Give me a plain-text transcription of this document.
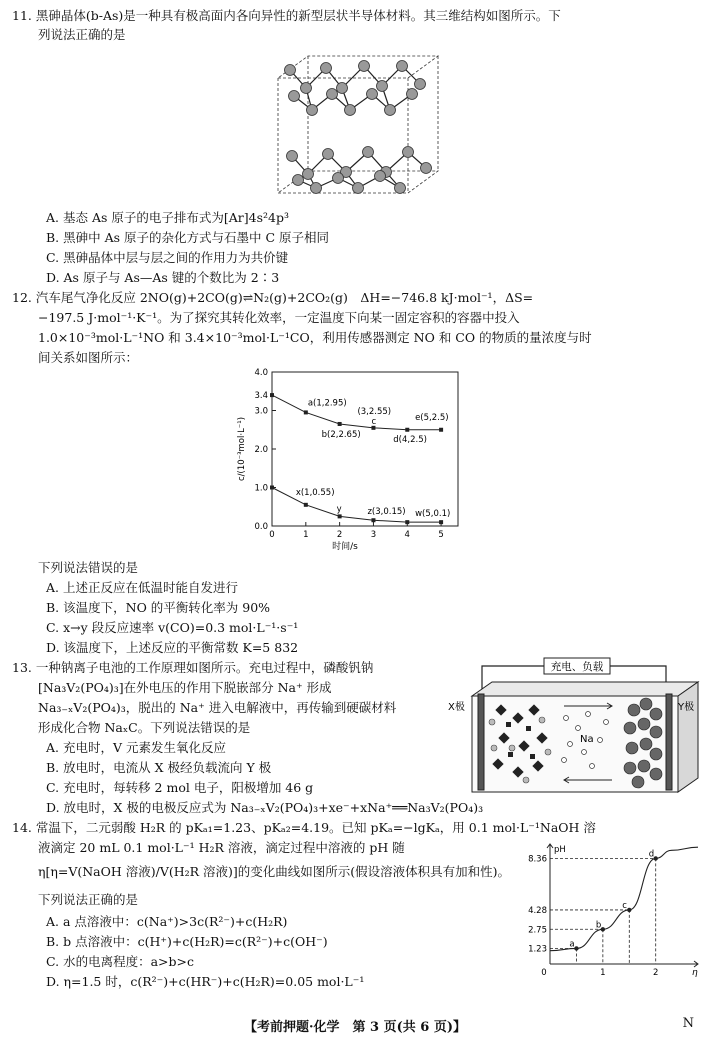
11. 黑砷晶体(b-As)是一种具有极高面内各向异性的新型层状半导体材料。其三维结构如图所示。下
列说法正确的是
A. 基态 As 原子的电子排布式为[Ar]4s²4p³
B. 黑砷中 As 原子的杂化方式与石墨中 C 原子相同
C. 黑砷晶体中层与层之间的作用力为共价键
D. As 原子与 As—As 键的个数比为 2∶3
12. 汽车尾气净化反应 2NO(g)+2CO(g)⇌N₂(g)+2CO₂(g)　ΔH=−746.8 kJ·mol⁻¹，ΔS=
−197.5 J·mol⁻¹·K⁻¹。为了探究其转化效率，一定温度下向某一固定容积的容器中投入
1.0×10⁻³mol·L⁻¹NO 和 3.4×10⁻³mol·L⁻¹CO，利用传感器测定 NO 和 CO 的物质的量浓度与时
间关系如图所示：
0.0
1.0
2.0
3.0
4.0
3.4
0	1	2	3	4	5
时间/s
c/(10⁻³mol·L⁻¹)
a(1,2.95)
b(2,2.65)
(3,2.55)
c
d(4,2.5)
e(5,2.5)
x(1,0.55)
y	z(3,0.15) w(5,0.1)
下列说法错误的是
A. 上述正反应在低温时能自发进行
B. 该温度下，NO 的平衡转化率为 90%
C. x→y 段反应速率 v(CO)=0.3 mol·L⁻¹·s⁻¹
D. 该温度下，上述反应的平衡常数 K=5 832
13. 一种钠离子电池的工作原理如图所示。充电过程中，磷酸钒钠
[Na₃V₂(PO₄)₃]在外电压的作用下脱嵌部分 Na⁺ 形成
Na₃₋ₓV₂(PO₄)₃，脱出的 Na⁺ 进入电解液中，再传输到硬碳材料
形成化合物 NaₓC。下列说法错误的是
A. 充电时，V 元素发生氧化反应
B. 放电时，电流从 X 极经负载流向 Y 极
C. 充电时，每转移 2 mol 电子，阳极增加 46 g
D. 放电时，X 极的电极反应式为 Na₃₋ₓV₂(PO₄)₃+xe⁻+xNa⁺══Na₃V₂(PO₄)₃
充电、负载
X极	Y极
Na
14. 常温下，二元弱酸 H₂R 的 pKₐ₁=1.23、pKₐ₂=4.19。已知 pKₐ=−lgKₐ，用 0.1 mol·L⁻¹NaOH 溶
液滴定 20 mL 0.1 mol·L⁻¹ H₂R 溶液，滴定过程中溶液的 pH 随
η[η=V(NaOH 溶液)/V(H₂R 溶液)]的变化曲线如图所示(假设溶液体积具有加和性)。
下列说法正确的是
A. a 点溶液中：c(Na⁺)>3c(R²⁻)+c(H₂R)
B. b 点溶液中：c(H⁺)+c(H₂R)=c(R²⁻)+c(OH⁻)
C. 水的电离程度：a>b>c
D. η=1.5 时，c(R²⁻)+c(HR⁻)+c(H₂R)=0.05 mol·L⁻¹
pH
η
1.23
2.75
4.28
8.36
0	1	2
a
b
c
d
【考前押题·化学　第 3 页(共 6 页)】	N
